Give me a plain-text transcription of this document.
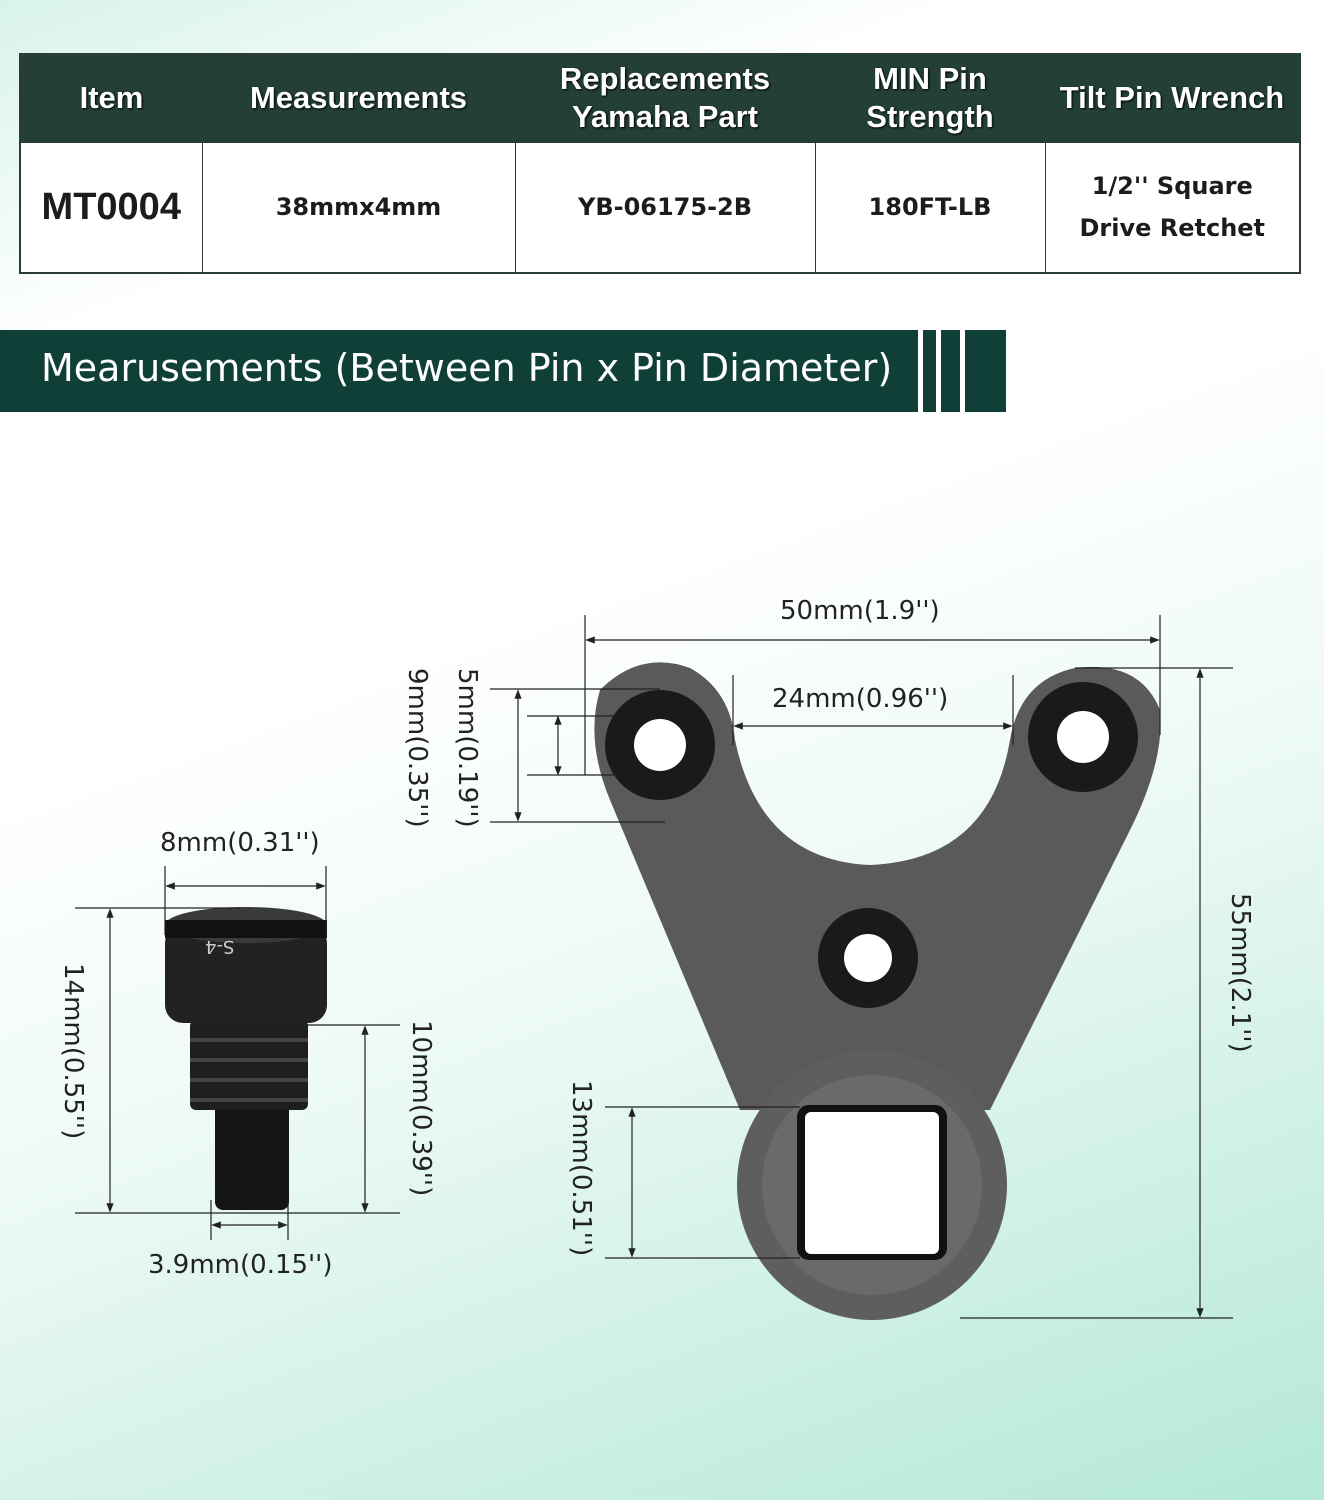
Item	Measurements	Replacements Yamaha Part	MIN Pin Strength	Tilt Pin Wrench
MT0004	38mmx4mm	YB-06175-2B	180FT-LB	1/2'' Square
Drive Retchet
Mearusements (Between Pin x Pin Diameter)
50mm(1.9'')
24mm(0.96'')
5mm(0.19'')
9mm(0.35'')
55mm(2.1'')
13mm(0.51'')
8mm(0.31'')
14mm(0.55'')	10mm(0.39'')
3.9mm(0.15'')
S-4
